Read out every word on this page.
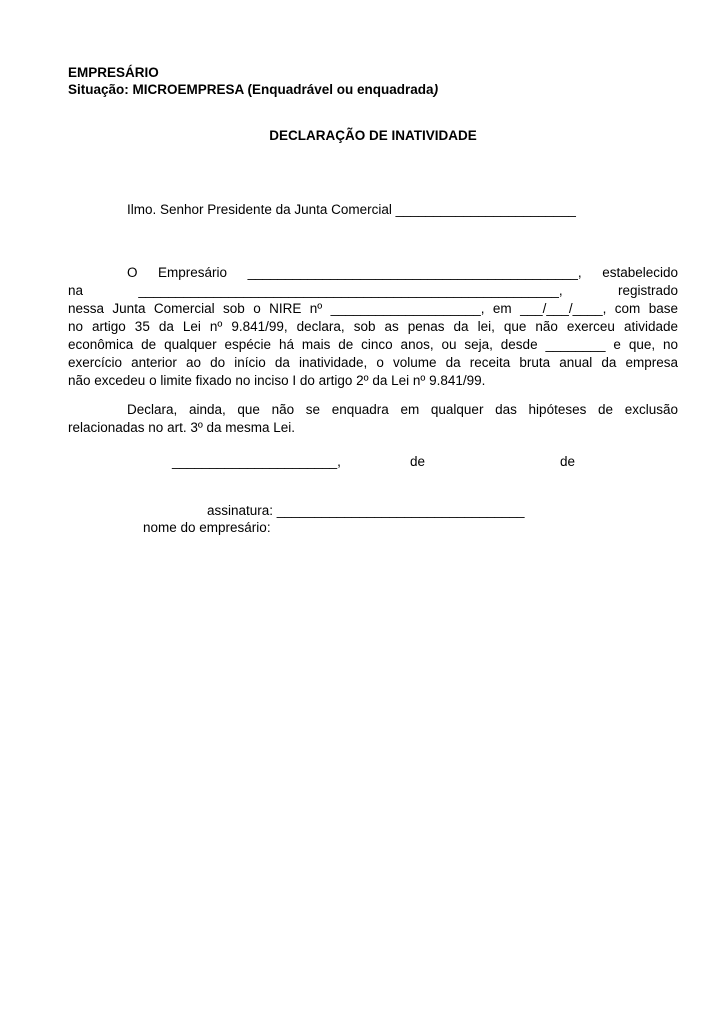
EMPRESÁRIO
Situação: MICROEMPRESA (Enquadrável ou enquadrada)
DECLARAÇÃO DE INATIVIDADE
Ilmo. Senhor Presidente da Junta Comercial ________________________
O Empresário ____________________________________________, estabelecido
na ________________________________________________________, registrado
nessa Junta Comercial sob o NIRE nº ____________________, em ___/___/____, com base
no artigo 35 da Lei nº 9.841/99, declara, sob as penas da lei, que não exerceu atividade
econômica de qualquer espécie há mais de cinco anos, ou seja, desde ________ e que, no
exercício anterior ao do início da inatividade, o volume da receita bruta anual da empresa
não excedeu o limite fixado no inciso I do artigo 2º da Lei nº 9.841/99.
Declara, ainda, que não se enquadra em qualquer das hipóteses de exclusão
relacionadas no art. 3º da mesma Lei.
______________________,	de	de
assinatura: _________________________________
nome do empresário:
